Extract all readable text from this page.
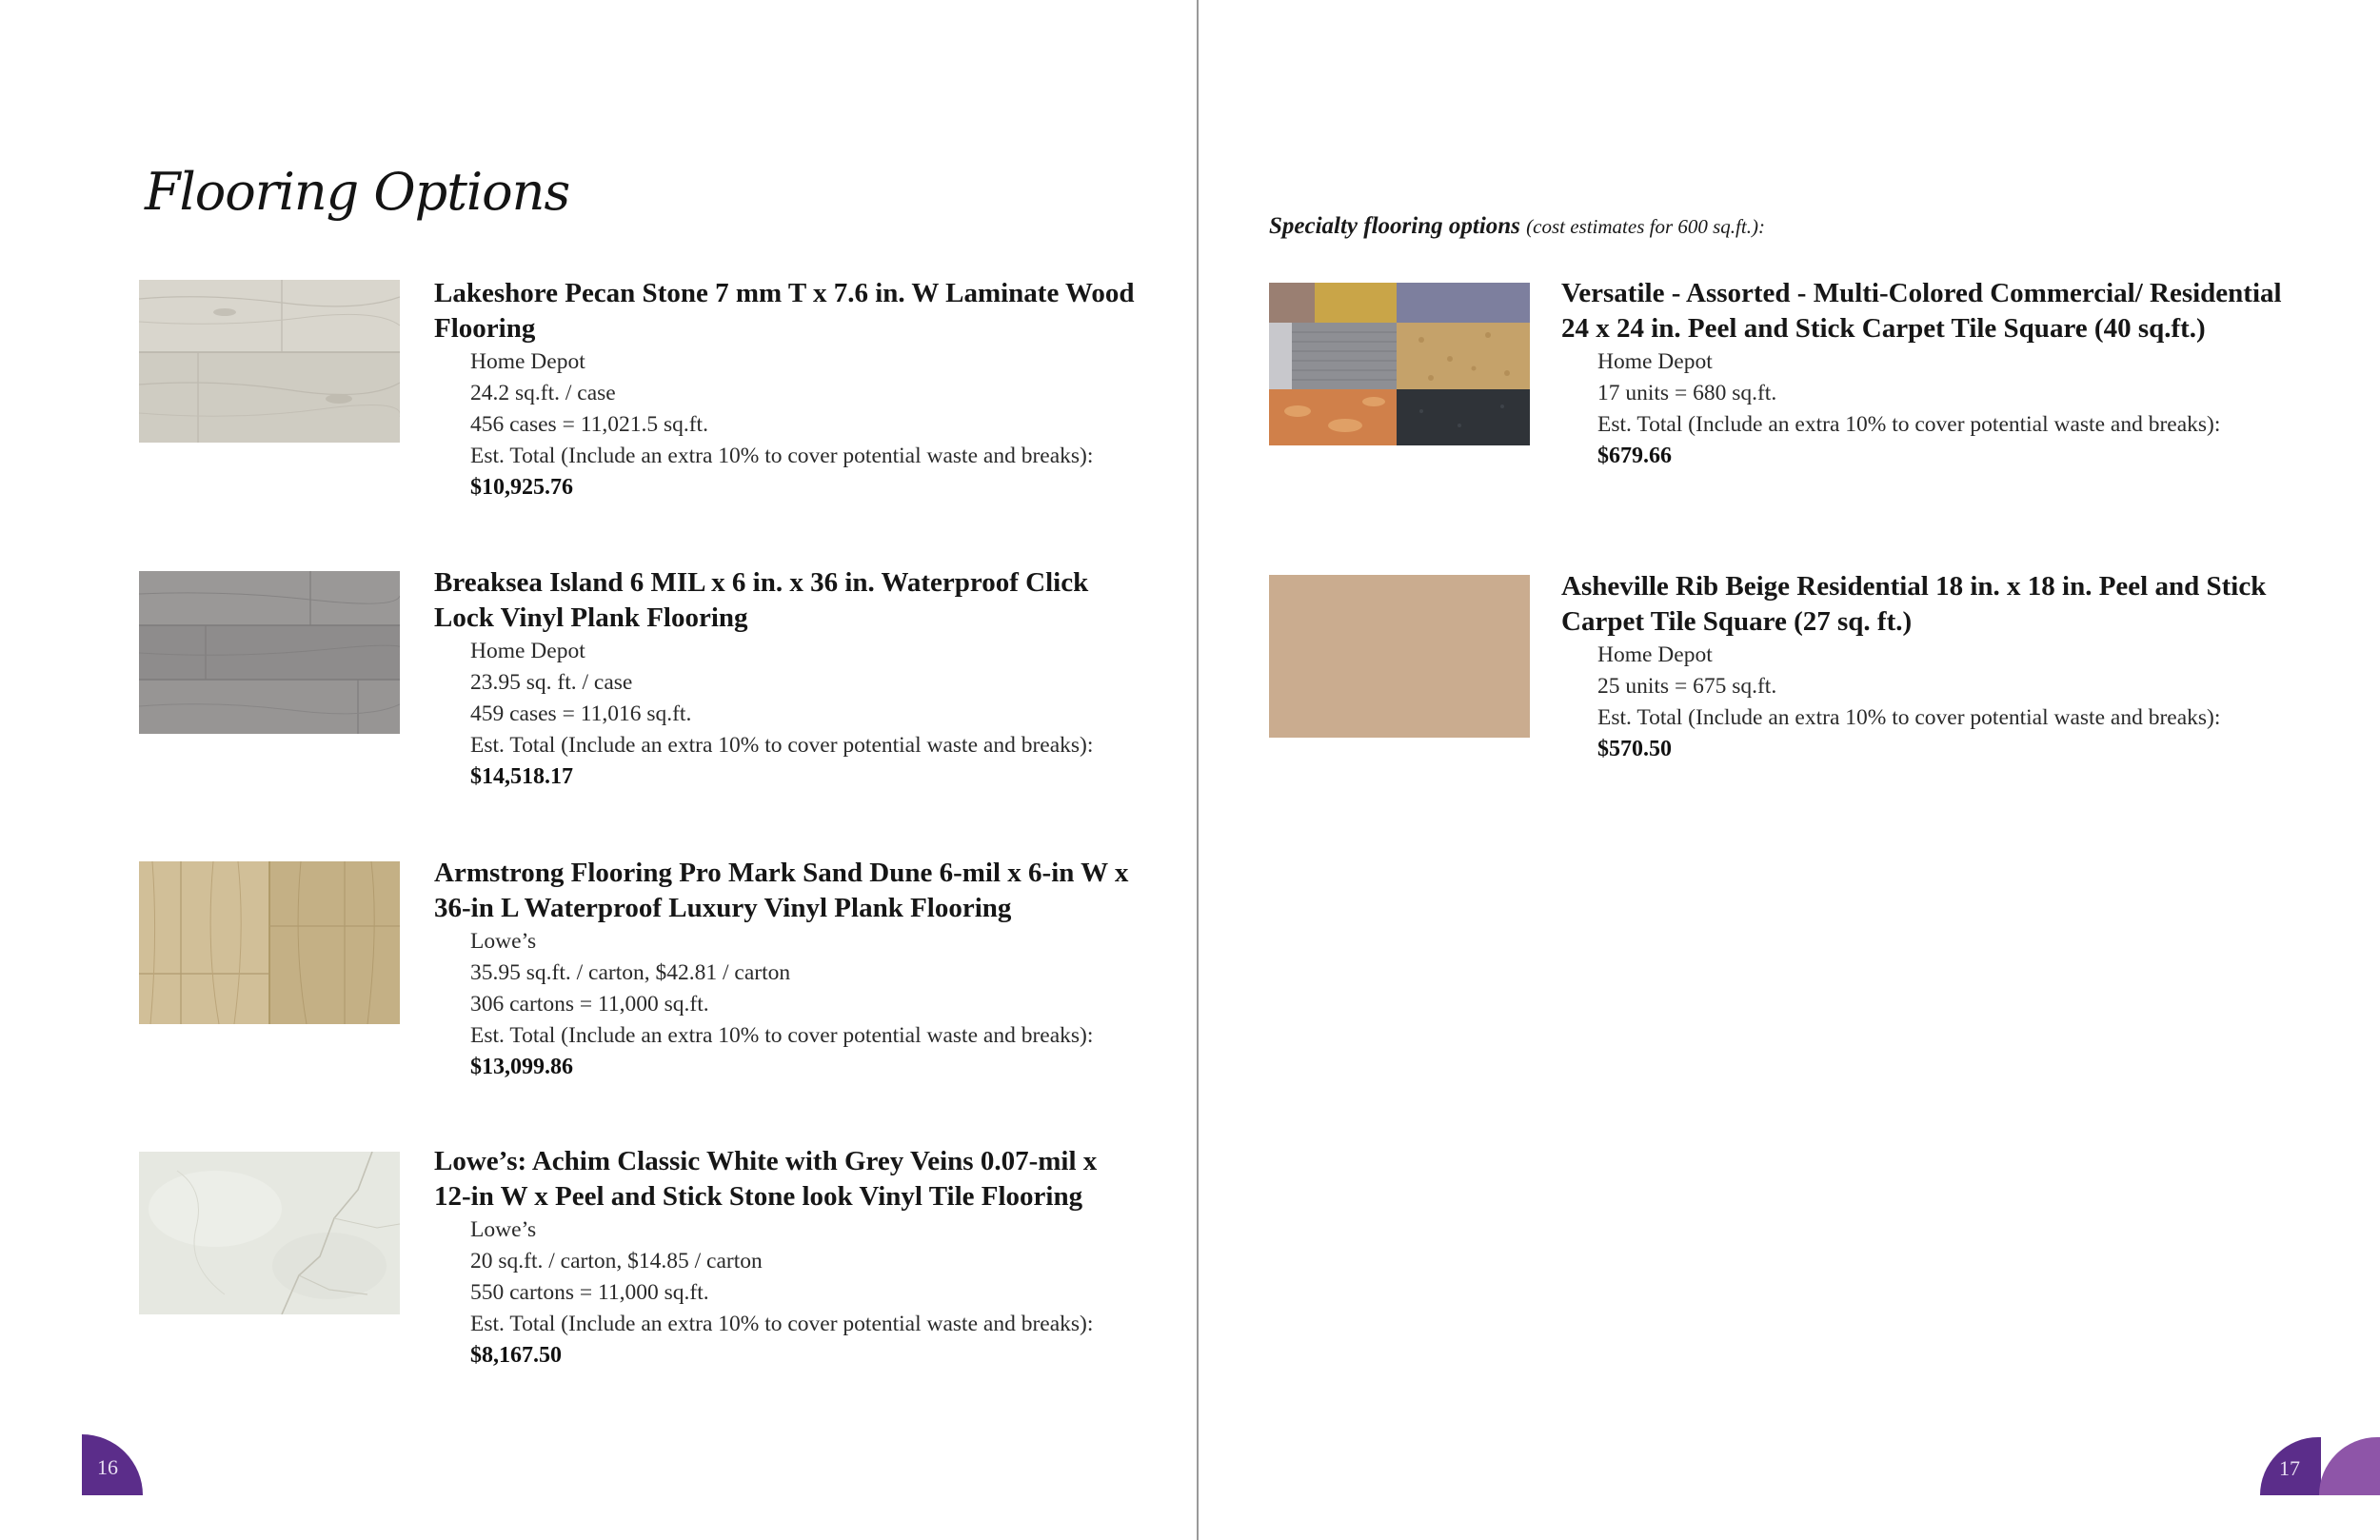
Flooring Options
Lakeshore Pecan Stone 7 mm T x 7.6 in. W Laminate Wood Flooring
Home Depot
24.2 sq.ft. / case
456 cases = 11,021.5 sq.ft.
Est. Total (Include an extra 10% to cover potential waste and breaks):
$10,925.76
Breaksea Island 6 MIL x 6 in. x 36 in. Waterproof Click Lock Vinyl Plank Flooring
Home Depot
23.95 sq. ft. / case
459 cases = 11,016 sq.ft.
Est. Total (Include an extra 10% to cover potential waste and breaks):
$14,518.17
Armstrong Flooring Pro Mark Sand Dune 6-mil x 6-in W x 36-in L Waterproof Luxury Vinyl Plank Flooring
Lowe’s
35.95 sq.ft. / carton, $42.81 / carton
306 cartons = 11,000 sq.ft.
Est. Total (Include an extra 10% to cover potential waste and breaks):
$13,099.86
Lowe’s: Achim Classic White with Grey Veins 0.07-mil x 12-in W x Peel and Stick Stone look Vinyl Tile Flooring
Lowe’s
20 sq.ft. / carton, $14.85 / carton
550 cartons = 11,000 sq.ft.
Est. Total (Include an extra 10% to cover potential waste and breaks):
$8,167.50
16
Specialty flooring options (cost estimates for 600 sq.ft.):
Versatile - Assorted - Multi-Colored Commercial/ Residential 24 x 24 in. Peel and Stick Carpet Tile Square (40 sq.ft.)
Home Depot
17 units = 680 sq.ft.
Est. Total (Include an extra 10% to cover potential waste and breaks):
$679.66
Asheville Rib Beige Residential 18 in. x 18 in. Peel and Stick Carpet Tile Square (27 sq. ft.)
Home Depot
25 units = 675 sq.ft.
Est. Total (Include an extra 10% to cover potential waste and breaks):
$570.50
17
